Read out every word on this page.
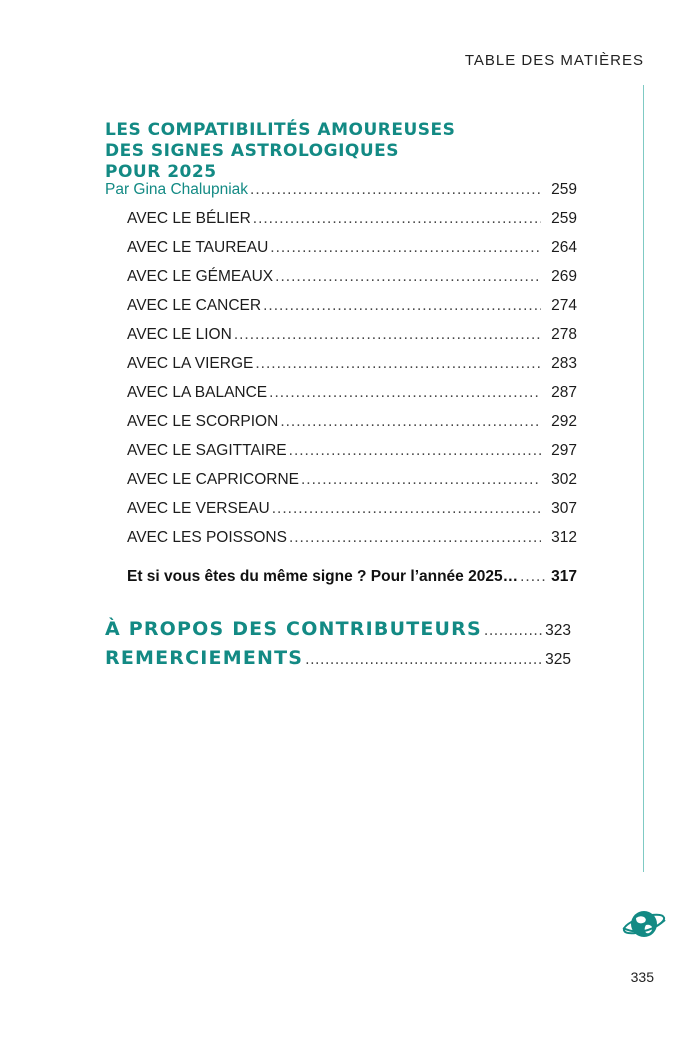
TABLE DES MATIÈRES
LES COMPATIBILITÉS AMOUREUSES
DES SIGNES ASTROLOGIQUES
POUR 2025
Par Gina Chalupniak .....	259
AVEC LE BÉLIER .....	259
AVEC LE TAUREAU .....	264
AVEC LE GÉMEAUX .....	269
AVEC LE CANCER .....	274
AVEC LE LION .....	278
AVEC LA VIERGE .....	283
AVEC LA BALANCE .....	287
AVEC LE SCORPION .....	292
AVEC LE SAGITTAIRE .....	297
AVEC LE CAPRICORNE .....	302
AVEC LE VERSEAU .....	307
AVEC LES POISSONS .....	312
Et si vous êtes du même signe ? Pour l’année 2025… ..... 317
À PROPOS DES CONTRIBUTEURS .....	323
REMERCIEMENTS .....	325
335
